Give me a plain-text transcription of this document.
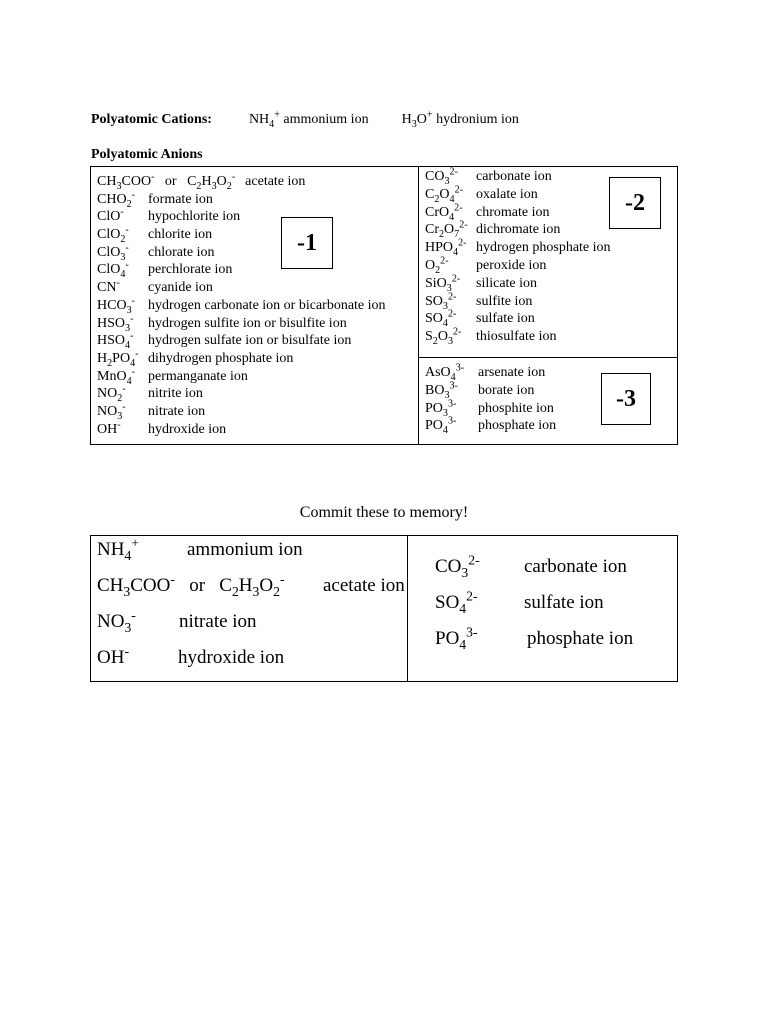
Polyatomic Cations:	$NH_4^+$ ammonium ion $H_3O^+$ hydronium ion
Polyatomic Anions
$CH_3COO^-$   or   $C_2H_3O_2^-$ acetate ion
$CHO_2^-$ formate ion
ClO- hypochlorite ion
ClO$_2$- chlorite ion
ClO$_3$- chlorate ion
ClO$_4$- perchlorate ion
CN- cyanide ion
$HCO_3^-$ hydrogen carbonate ion or bicarbonate ion
$HSO_3^-$ hydrogen sulfite ion or bisulfite ion
$HSO_4^-$ hydrogen sulfate ion or bisulfate ion
$H_2PO_4^-$ dihydrogen phosphate ion
MnO$_4$- permanganate ion
$NO_2^-$ nitrite ion
$NO_3^-$ nitrate ion
OH- hydroxide ion
-1
$CO_3^{2-}$ carbonate ion
$C_2O_4^{2-}$ oxalate ion
CrO$_4^{2-}$ chromate ion
$Cr_2O_7^{2-}$ dichromate ion
$HPO_4^{2-}$ hydrogen phosphate ion
$O_2^{2-}$ peroxide ion
SiO$_3^{2-}$ silicate ion
$SO_3^{2-}$ sulfite ion
$SO_4^{2-}$ sulfate ion
$S_2O_3^{2-}$ thiosulfate ion
-2
AsO$_4^{3-}$ arsenate ion
$BO_3^{3-}$ borate ion
$PO_3^{3-}$ phosphite ion
$PO_4^{3-}$ phosphate ion
-3
Commit these to memory!
$NH_4^+$	ammonium ion
$CH_3COO^-$   or   $C_2H_3O_2^-$ acetate ion
$NO_3^-$ nitrate ion
OH-	hydroxide ion
$CO_3^{2-}$ carbonate ion
$SO_4^{2-}$ sulfate ion
$PO_4^{3-}$	phosphate ion
